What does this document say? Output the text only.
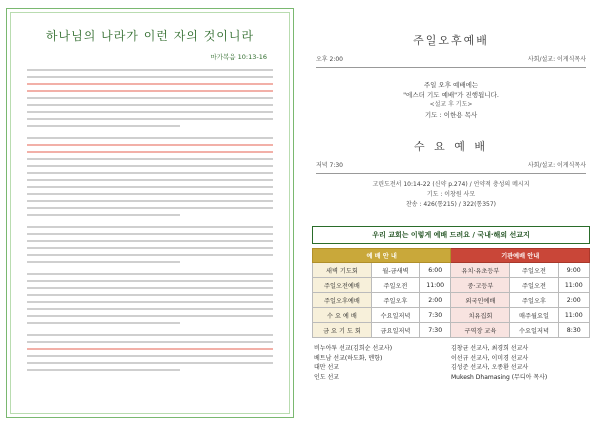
하나님의 나라가 이런 자의 것이니라
마가복음 10:13-16
주일오후예배
오후 2:00	사회/설교: 이게식목사
주일 오후 예배에는
"에스더 기도 예배"가 진행됩니다.
<설교 후 기도>
기도 : 이한용 목사
수 요 예 배
저녁 7:30	사회/설교: 이게식목사
고린도전서 10:14-22 (신약 p.274) / 언약적 충성의 메시지
기도 : 이창원 사모
찬송 : 426(통215) / 322(통357)
우리 교회는 이렇게 예배 드려요 / 국내·해외 선교지
예 배 안 내			기관예배 안내		
새벽 기도회	월-금새벽	6:00	유치·유초등부	주일오전	9:00
주일오전예배	주일오전	11:00	중·고등부	주일오전	11:00
주일오후예배	주일오후	2:00	외국인예배	주일오후	2:00
수 요 예 배	수요일저녁	7:30	치유집회	매주월요일	11:00
금 요 기 도 회	금요일저녁	7:30	구역장 교육	수요일저녁	8:30
비누아투 선교(김희순 선교사)	김창균 선교사, 최경희 선교사
베트남 선교(하도화, 멘항)	이선규 선교사, 이미경 선교사
대만 선교	김성준 선교사, 오종환 선교사
인도 선교	Mukesh Dhamasing (무디아 목사)
